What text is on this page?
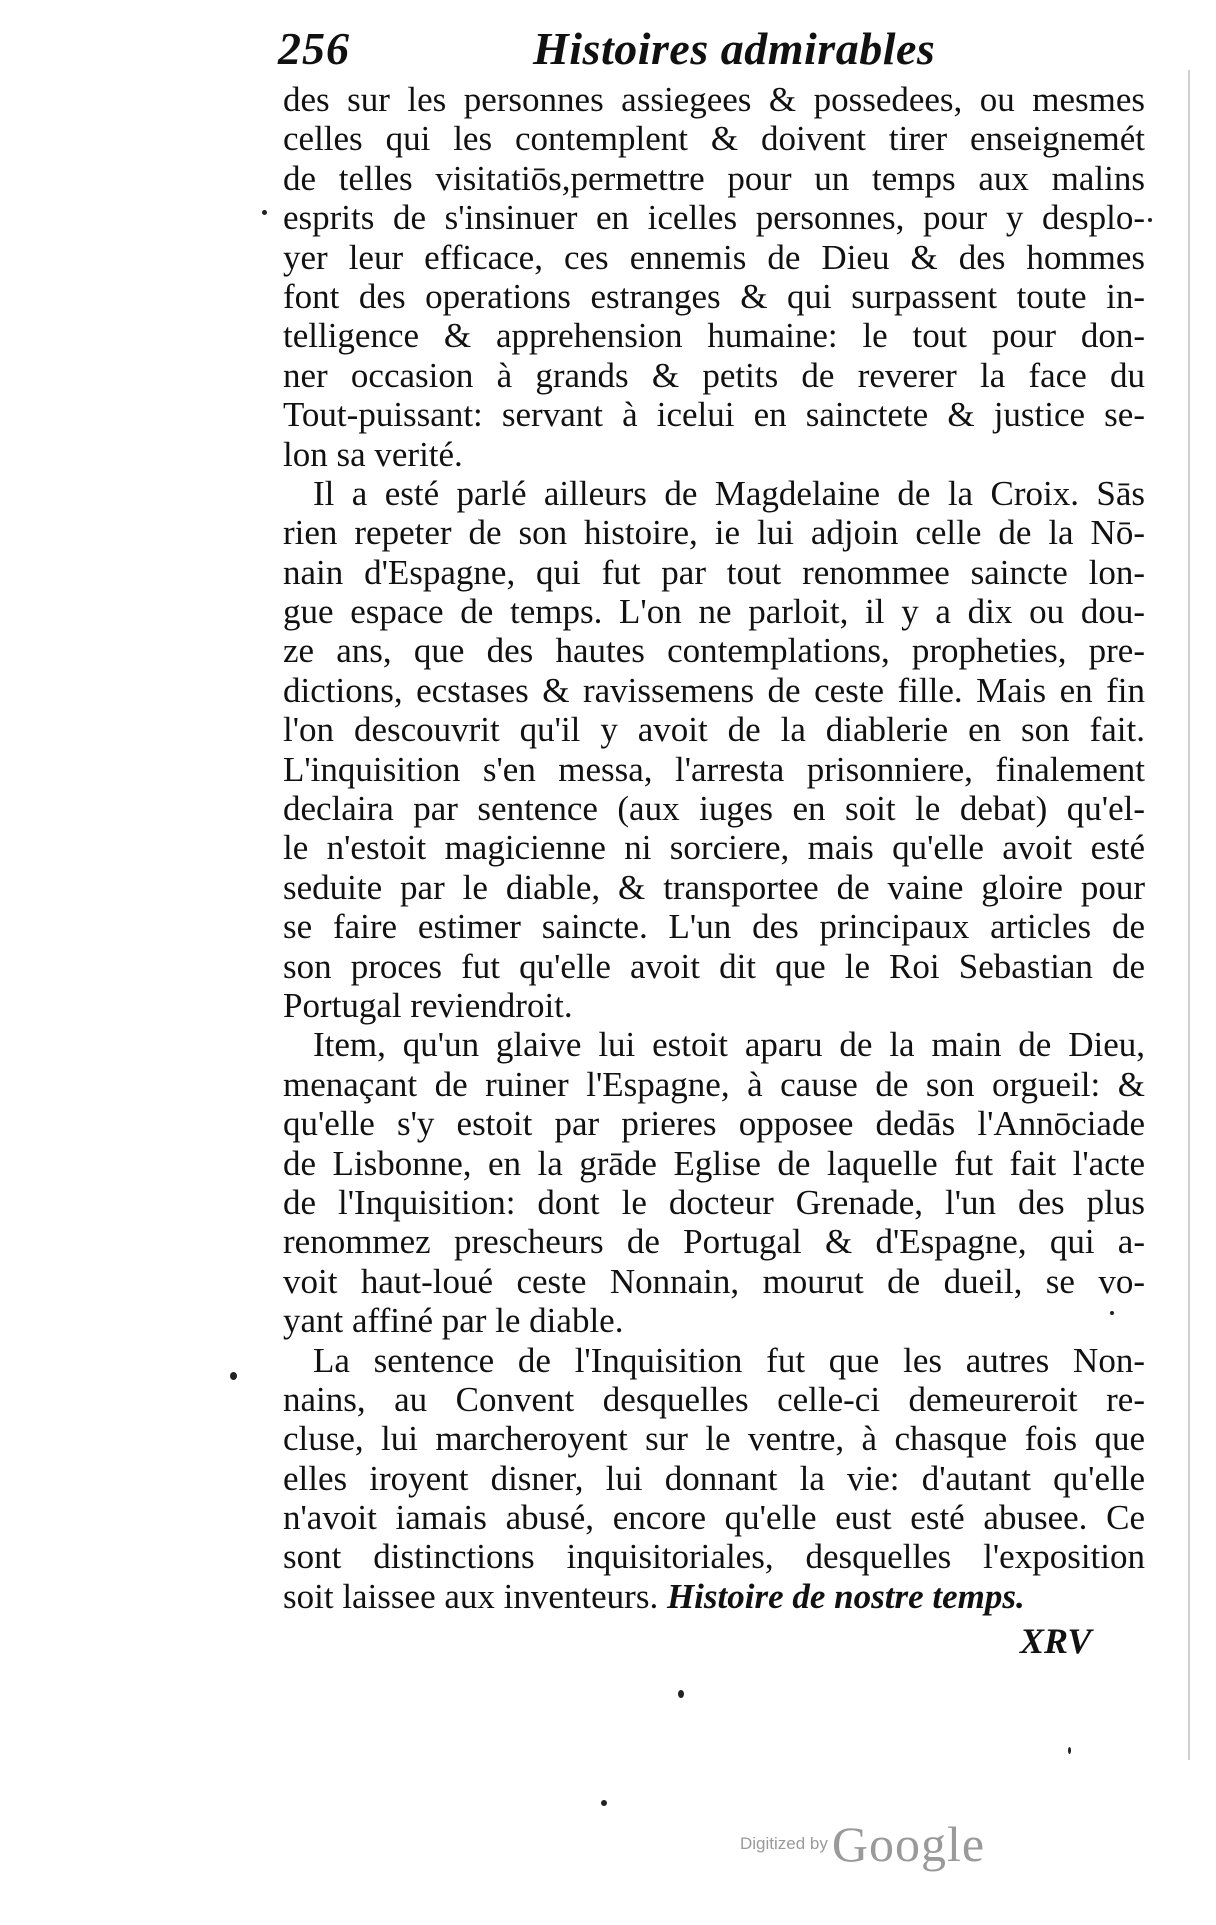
256	Histoires admirables
des sur les personnes assiegees & possedees, ou mesmes
celles qui les contemplent & doivent tirer enseignemét
de telles visitatiōs,permettre pour un temps aux malins
esprits de s'insinuer en icelles personnes, pour y desplo-
yer leur efficace, ces ennemis de Dieu & des hommes
font des operations estranges & qui surpassent toute in-
telligence & apprehension humaine: le tout pour don-
ner occasion à grands & petits de reverer la face du
Tout-puissant: servant à icelui en sainctete & justice se-
lon sa verité.
Il a esté parlé ailleurs de Magdelaine de la Croix. Sās
rien repeter de son histoire, ie lui adjoin celle de la Nō-
nain d'Espagne, qui fut par tout renommee saincte lon-
gue espace de temps. L'on ne parloit, il y a dix ou dou-
ze ans, que des hautes contemplations, propheties, pre-
dictions, ecstases & ravissemens de ceste fille. Mais en fin
l'on descouvrit qu'il y avoit de la diablerie en son fait.
L'inquisition s'en messa, l'arresta prisonniere, finalement
declaira par sentence (aux iuges en soit le debat) qu'el-
le n'estoit magicienne ni sorciere, mais qu'elle avoit esté
seduite par le diable, & transportee de vaine gloire pour
se faire estimer saincte. L'un des principaux articles de
son proces fut qu'elle avoit dit que le Roi Sebastian de
Portugal reviendroit.
Item, qu'un glaive lui estoit aparu de la main de Dieu,
menaçant de ruiner l'Espagne, à cause de son orgueil: &
qu'elle s'y estoit par prieres opposee dedās l'Annōciade
de Lisbonne, en la grāde Eglise de laquelle fut fait l'acte
de l'Inquisition: dont le docteur Grenade, l'un des plus
renommez prescheurs de Portugal & d'Espagne, qui a-
voit haut-loué ceste Nonnain, mourut de dueil, se vo-
yant affiné par le diable.
La sentence de l'Inquisition fut que les autres Non-
nains, au Convent desquelles celle-ci demeureroit re-
cluse, lui marcheroyent sur le ventre, à chasque fois que
elles iroyent disner, lui donnant la vie: d'autant qu'elle
n'avoit iamais abusé, encore qu'elle eust esté abusee. Ce
sont distinctions inquisitoriales, desquelles l'exposition
soit laissee aux inventeurs. Histoire de nostre temps.
XRV
Digitized by Google
